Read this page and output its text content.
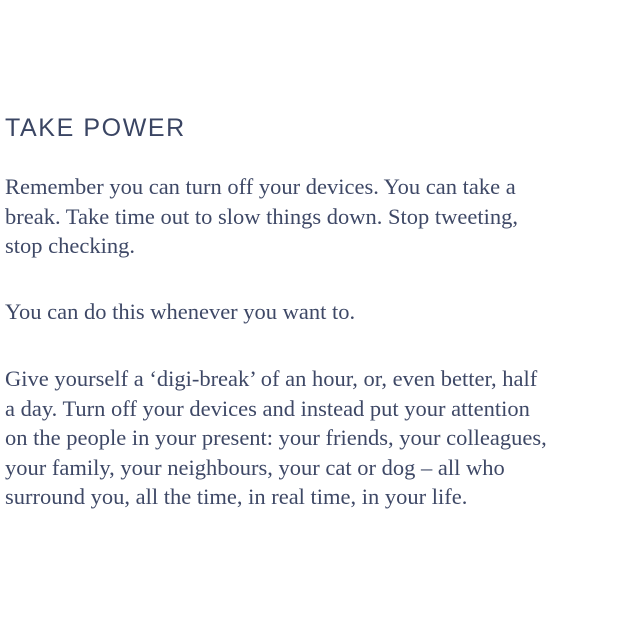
TAKE POWER
Remember you can turn off your devices. You can take a
break. Take time out to slow things down. Stop tweeting,
stop checking.
You can do this whenever you want to.
Give yourself a ‘digi-break’ of an hour, or, even better, half
a day. Turn off your devices and instead put your attention
on the people in your present: your friends, your colleagues,
your family, your neighbours, your cat or dog – all who
surround you, all the time, in real time, in your life.
